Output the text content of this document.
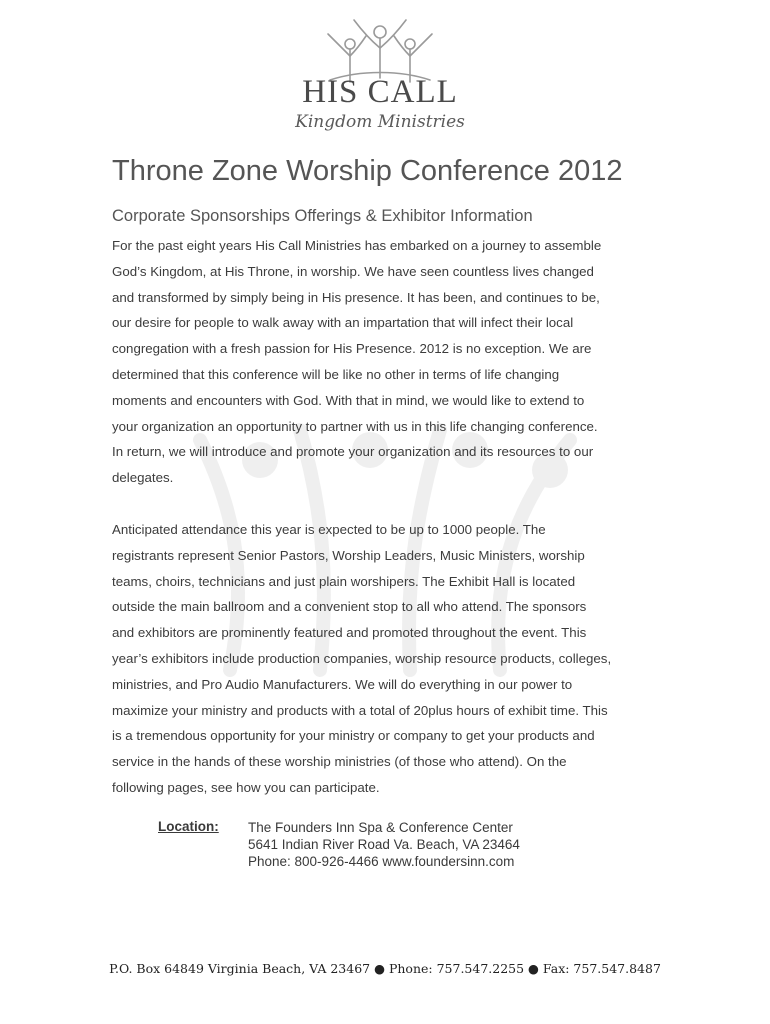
HIS CALL
Kingdom Ministries
Throne Zone Worship Conference 2012
Corporate Sponsorships Offerings & Exhibitor Information

For the past eight years His Call Ministries has embarked on a journey to assemble
God’s Kingdom, at His Throne, in worship. We have seen countless lives changed
and transformed by simply being in His presence. It has been, and continues to be,
our desire for people to walk away with an impartation that will infect their local
congregation with a fresh passion for His Presence. 2012 is no exception. We are
determined that this conference will be like no other in terms of life changing
moments and encounters with God. With that in mind, we would like to extend to
your organization an opportunity to partner with us in this life changing conference.
In return, we will introduce and promote your organization and its resources to our
delegates.

Anticipated attendance this year is expected to be up to 1000 people. The
registrants represent Senior Pastors, Worship Leaders, Music Ministers, worship
teams, choirs, technicians and just plain worshipers. The Exhibit Hall is located
outside the main ballroom and a convenient stop to all who attend. The sponsors
and exhibitors are prominently featured and promoted throughout the event. This
year’s exhibitors include production companies, worship resource products, colleges,
ministries, and Pro Audio Manufacturers. We will do everything in our power to
maximize your ministry and products with a total of 20plus hours of exhibit time. This
is a tremendous opportunity for your ministry or company to get your products and
service in the hands of these worship ministries (of those who attend). On the
following pages, see how you can participate.

Location:	The Founders Inn Spa & Conference Center
5641 Indian River Road Va. Beach, VA 23464
Phone: 800-926-4466 www.foundersinn.com
P.O. Box 64849 Virginia Beach, VA 23467 ● Phone: 757.547.2255 ● Fax: 757.547.8487
